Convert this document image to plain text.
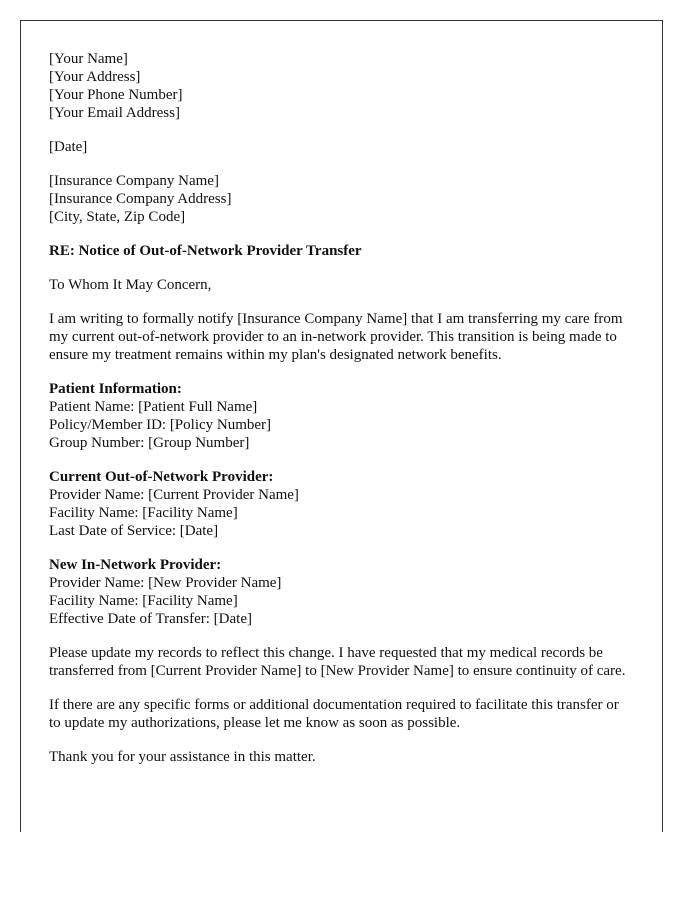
[Your Name]
[Your Address]
[Your Phone Number]
[Your Email Address]
[Date]
[Insurance Company Name]
[Insurance Company Address]
[City, State, Zip Code]
RE: Notice of Out-of-Network Provider Transfer
To Whom It May Concern,
I am writing to formally notify [Insurance Company Name] that I am transferring my care from my current out-of-network provider to an in-network provider. This transition is being made to ensure my treatment remains within my plan's designated network benefits.
Patient Information:
Patient Name: [Patient Full Name]
Policy/Member ID: [Policy Number]
Group Number: [Group Number]
Current Out-of-Network Provider:
Provider Name: [Current Provider Name]
Facility Name: [Facility Name]
Last Date of Service: [Date]
New In-Network Provider:
Provider Name: [New Provider Name]
Facility Name: [Facility Name]
Effective Date of Transfer: [Date]
Please update my records to reflect this change. I have requested that my medical records be transferred from [Current Provider Name] to [New Provider Name] to ensure continuity of care.
If there are any specific forms or additional documentation required to facilitate this transfer or to update my authorizations, please let me know as soon as possible.
Thank you for your assistance in this matter.
